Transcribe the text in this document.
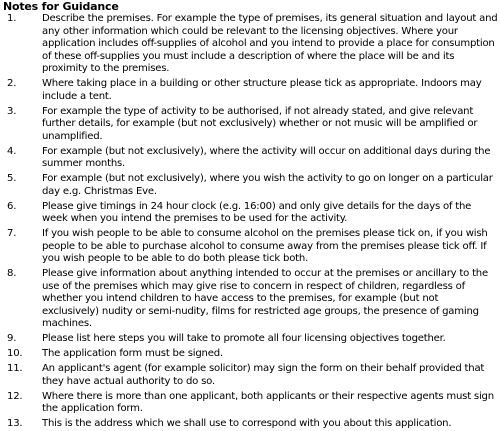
Notes for Guidance
1.	Describe the premises. For example the type of premises, its general situation and layout and any other information which could be relevant to the licensing objectives. Where your application includes off-supplies of alcohol and you intend to provide a place for consumption of these off-supplies you must include a description of where the place will be and its proximity to the premises.
2.	Where taking place in a building or other structure please tick as appropriate. Indoors may include a tent.
3.	For example the type of activity to be authorised, if not already stated, and give relevant further details, for example (but not exclusively) whether or not music will be amplified or unamplified.
4.	For example (but not exclusively), where the activity will occur on additional days during the summer months.
5.	For example (but not exclusively), where you wish the activity to go on longer on a particular day e.g. Christmas Eve.
6.	Please give timings in 24 hour clock (e.g. 16:00) and only give details for the days of the week when you intend the premises to be used for the activity.
7.	If you wish people to be able to consume alcohol on the premises please tick on, if you wish people to be able to purchase alcohol to consume away from the premises please tick off. If you wish people to be able to do both please tick both.
8.	Please give information about anything intended to occur at the premises or ancillary to the use of the premises which may give rise to concern in respect of children, regardless of whether you intend children to have access to the premises, for example (but not exclusively) nudity or semi-nudity, films for restricted age groups, the presence of gaming machines.
9.	Please list here steps you will take to promote all four licensing objectives together.
10.	The application form must be signed.
11.	An applicant's agent (for example solicitor) may sign the form on their behalf provided that they have actual authority to do so.
12.	Where there is more than one applicant, both applicants or their respective agents must sign the application form.
13.	This is the address which we shall use to correspond with you about this application.
